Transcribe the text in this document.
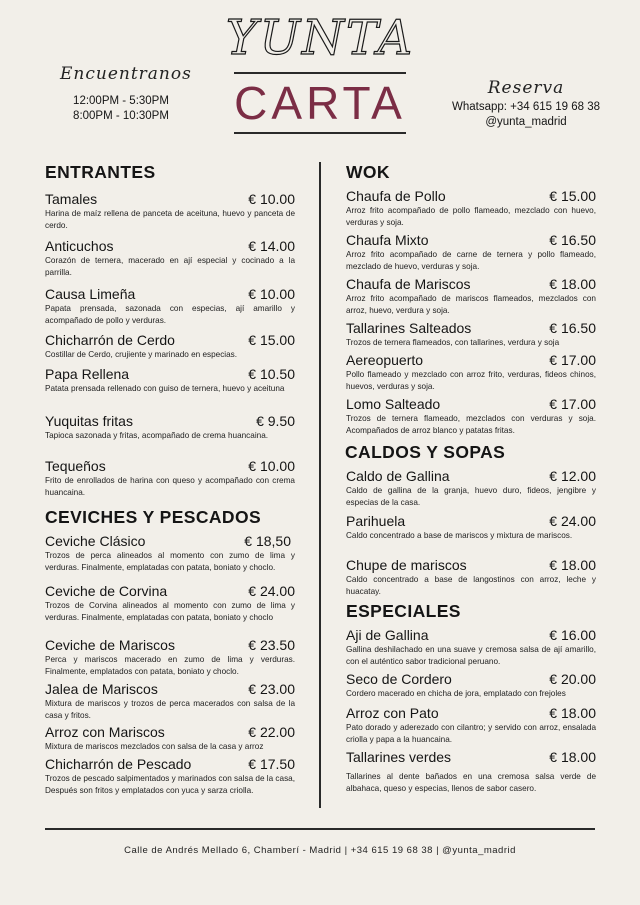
YUNTA
CARTA
Encuentranos
12:00PM - 5:30PM
8:00PM - 10:30PM
Reserva
Whatsapp: +34 615 19 68 38
@yunta_madrid
ENTRANTES
Tamales	€ 10.00
Harina de maíz rellena de panceta de aceituna, huevo y panceta de cerdo.
Anticuchos	€ 14.00
Corazón de ternera, macerado en ají especial y cocinado a la parrilla.
Causa Limeña	€ 10.00
Papata prensada, sazonada con especias, ají amarillo y acompañado de pollo y verduras.
Chicharrón de Cerdo	€ 15.00
Costillar de Cerdo, crujiente y marinado en especias.
Papa Rellena	€ 10.50
Patata prensada rellenado con guiso de ternera, huevo y aceituna
Yuquitas fritas	€ 9.50
Tapioca sazonada y fritas, acompañado de crema huancaina.
Tequeños	€ 10.00
Frito de enrollados de harina con queso y acompañado con crema huancaina.
CEVICHES Y PESCADOS
Ceviche Clásico	€ 18,50
Trozos de perca alineados al momento con zumo de lima y verduras. Finalmente, emplatadas con patata, boniato y choclo.
Ceviche de Corvina	€ 24.00
Trozos de Corvina alineados al momento con zumo de lima y verduras. Finalmente, emplatadas con patata, boniato y choclo
Ceviche de Mariscos	€ 23.50
Perca y mariscos macerado en zumo de lima y verduras. Finalmente, emplatados con patata, boniato y choclo.
Jalea de Mariscos	€ 23.00
Mixtura de mariscos y trozos de perca macerados con salsa de la casa y fritos.
Arroz con Mariscos	€ 22.00
Mixtura de mariscos mezclados con salsa de la casa y arroz
Chicharrón de Pescado	€ 17.50
Trozos de pescado salpimentados y marinados con salsa de la casa, Después son fritos y emplatados con yuca y sarza criolla.
WOK
Chaufa de Pollo	€ 15.00
Arroz frito acompañado de pollo flameado, mezclado con huevo, verduras y soja.
Chaufa Mixto	€ 16.50
Arroz frito acompañado de carne de ternera y pollo flameado, mezclado de huevo, verduras y soja.
Chaufa de Mariscos	€ 18.00
Arroz frito acompañado de mariscos flameados, mezclados con arroz, huevo, verdura y soja.
Tallarines Salteados	€ 16.50
Trozos de ternera flameados, con tallarines, verdura y soja
Aereopuerto	€ 17.00
Pollo flameado y mezclado con arroz frito, verduras, fideos chinos, huevos, verduras y soja.
Lomo Salteado	€ 17.00
Trozos de ternera flameado, mezclados con verduras y soja. Acompañados de arroz blanco y patatas fritas.
CALDOS Y SOPAS
Caldo de Gallina	€ 12.00
Caldo de gallina de la granja, huevo duro, fideos, jengibre y especias de la casa.
Parihuela	€ 24.00
Caldo concentrado a base de mariscos y mixtura de mariscos.
Chupe de mariscos	€ 18.00
Caldo concentrado a base de langostinos con arroz, leche y huacatay.
ESPECIALES
Aji de Gallina	€ 16.00
Gallina deshilachado en una suave y cremosa salsa de ají amarillo, con el auténtico sabor tradicional peruano.
Seco de Cordero	€ 20.00
Cordero macerado en chicha de jora, emplatado con frejoles
Arroz con Pato	€ 18.00
Pato dorado y aderezado con cilantro; y servido con arroz, ensalada criolla y papa a la huancaina.
Tallarines verdes	€ 18.00
Tallarines al dente bañados en una cremosa salsa verde de albahaca, queso y especias, llenos de sabor casero.
Calle de Andrés Mellado 6, Chamberí - Madrid | +34 615 19 68 38 | @yunta_madrid
